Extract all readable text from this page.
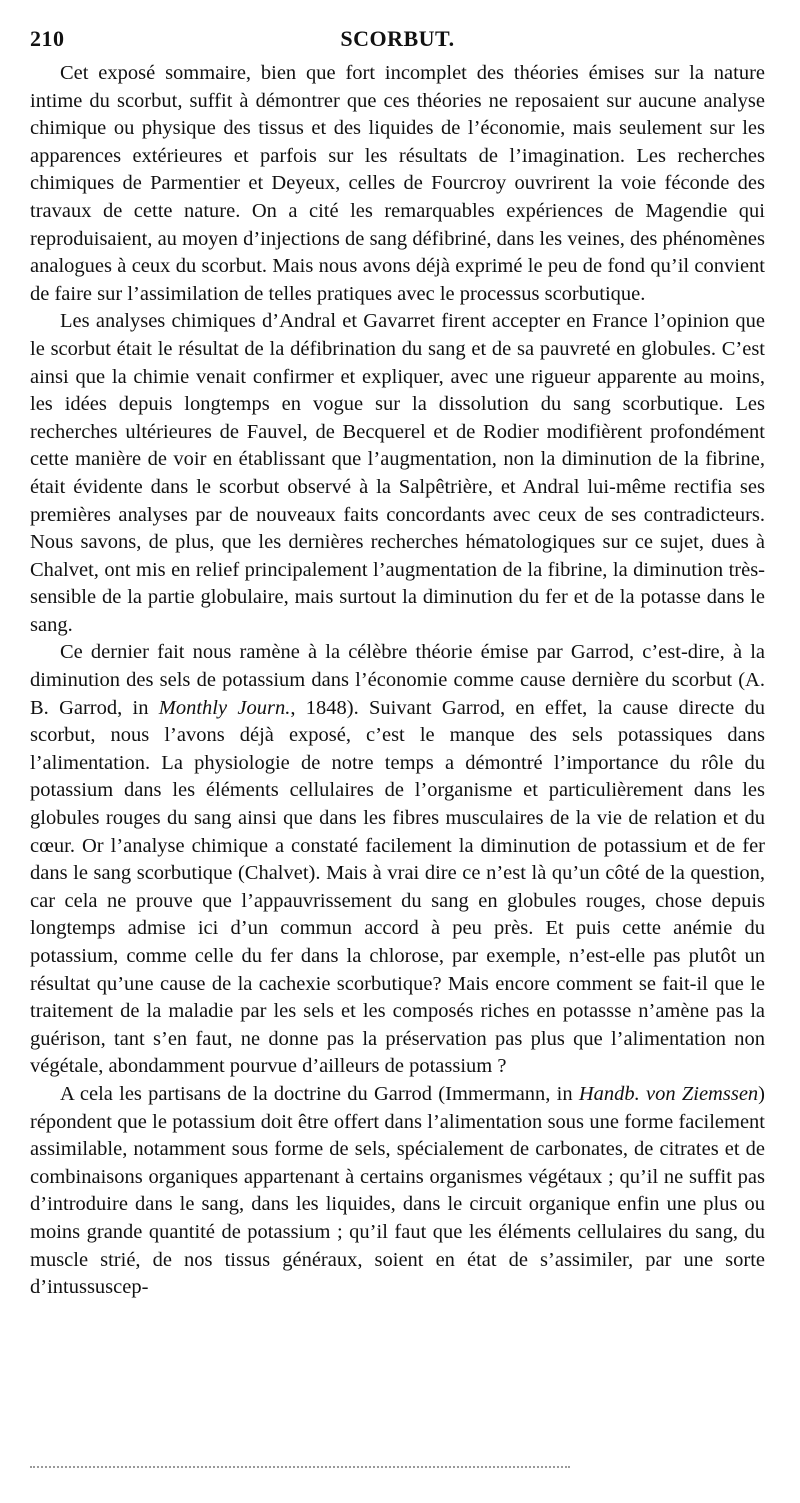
210	SCORBUT.

Cet exposé sommaire, bien que fort incomplet des théories émises sur la nature intime du scorbut, suffit à démontrer que ces théories ne reposaient sur aucune analyse chimique ou physique des tissus et des liquides de l’économie, mais seulement sur les apparences extérieures et parfois sur les résultats de l’imagination. Les recherches chimiques de Parmentier et Deyeux, celles de Fourcroy ouvrirent la voie féconde des travaux de cette nature. On a cité les remarquables expériences de Magendie qui reproduisaient, au moyen d’injections de sang défibriné, dans les veines, des phénomènes analogues à ceux du scorbut. Mais nous avons déjà exprimé le peu de fond qu’il convient de faire sur l’assimilation de telles pratiques avec le processus scorbutique.

Les analyses chimiques d’Andral et Gavarret firent accepter en France l’opinion que le scorbut était le résultat de la défibrination du sang et de sa pauvreté en globules. C’est ainsi que la chimie venait confirmer et expliquer, avec une rigueur apparente au moins, les idées depuis longtemps en vogue sur la dissolution du sang scorbutique. Les recherches ultérieures de Fauvel, de Becquerel et de Rodier modifièrent profondément cette manière de voir en établissant que l’augmentation, non la diminution de la fibrine, était évidente dans le scorbut observé à la Salpêtrière, et Andral lui-même rectifia ses premières analyses par de nouveaux faits concordants avec ceux de ses contradicteurs. Nous savons, de plus, que les dernières recherches hématologiques sur ce sujet, dues à Chalvet, ont mis en relief principalement l’augmentation de la fibrine, la diminution très-sensible de la partie globulaire, mais surtout la diminution du fer et de la potasse dans le sang.

Ce dernier fait nous ramène à la célèbre théorie émise par Garrod, c’est-dire, à la diminution des sels de potassium dans l’économie comme cause dernière du scorbut (A. B. Garrod, in Monthly Journ., 1848). Suivant Garrod, en effet, la cause directe du scorbut, nous l’avons déjà exposé, c’est le manque des sels potassiques dans l’alimentation. La physiologie de notre temps a démontré l’importance du rôle du potassium dans les éléments cellulaires de l’organisme et particulièrement dans les globules rouges du sang ainsi que dans les fibres musculaires de la vie de relation et du cœur. Or l’analyse chimique a constaté facilement la diminution de potassium et de fer dans le sang scorbutique (Chalvet). Mais à vrai dire ce n’est là qu’un côté de la question, car cela ne prouve que l’appauvrissement du sang en globules rouges, chose depuis longtemps admise ici d’un commun accord à peu près. Et puis cette anémie du potassium, comme celle du fer dans la chlorose, par exemple, n’est-elle pas plutôt un résultat qu’une cause de la cachexie scorbutique? Mais encore comment se fait-il que le traitement de la maladie par les sels et les composés riches en potassse n’amène pas la guérison, tant s’en faut, ne donne pas la préservation pas plus que l’alimentation non végétale, abondamment pourvue d’ailleurs de potassium ?

A cela les partisans de la doctrine du Garrod (Immermann, in Handb. von Ziemssen) répondent que le potassium doit être offert dans l’alimentation sous une forme facilement assimilable, notamment sous forme de sels, spécialement de carbonates, de citrates et de combinaisons organiques appartenant à certains organismes végétaux ; qu’il ne suffit pas d’introduire dans le sang, dans les liquides, dans le circuit organique enfin une plus ou moins grande quantité de potassium ; qu’il faut que les éléments cellulaires du sang, du muscle strié, de nos tissus généraux, soient en état de s’assimiler, par une sorte d’intussuscep-
